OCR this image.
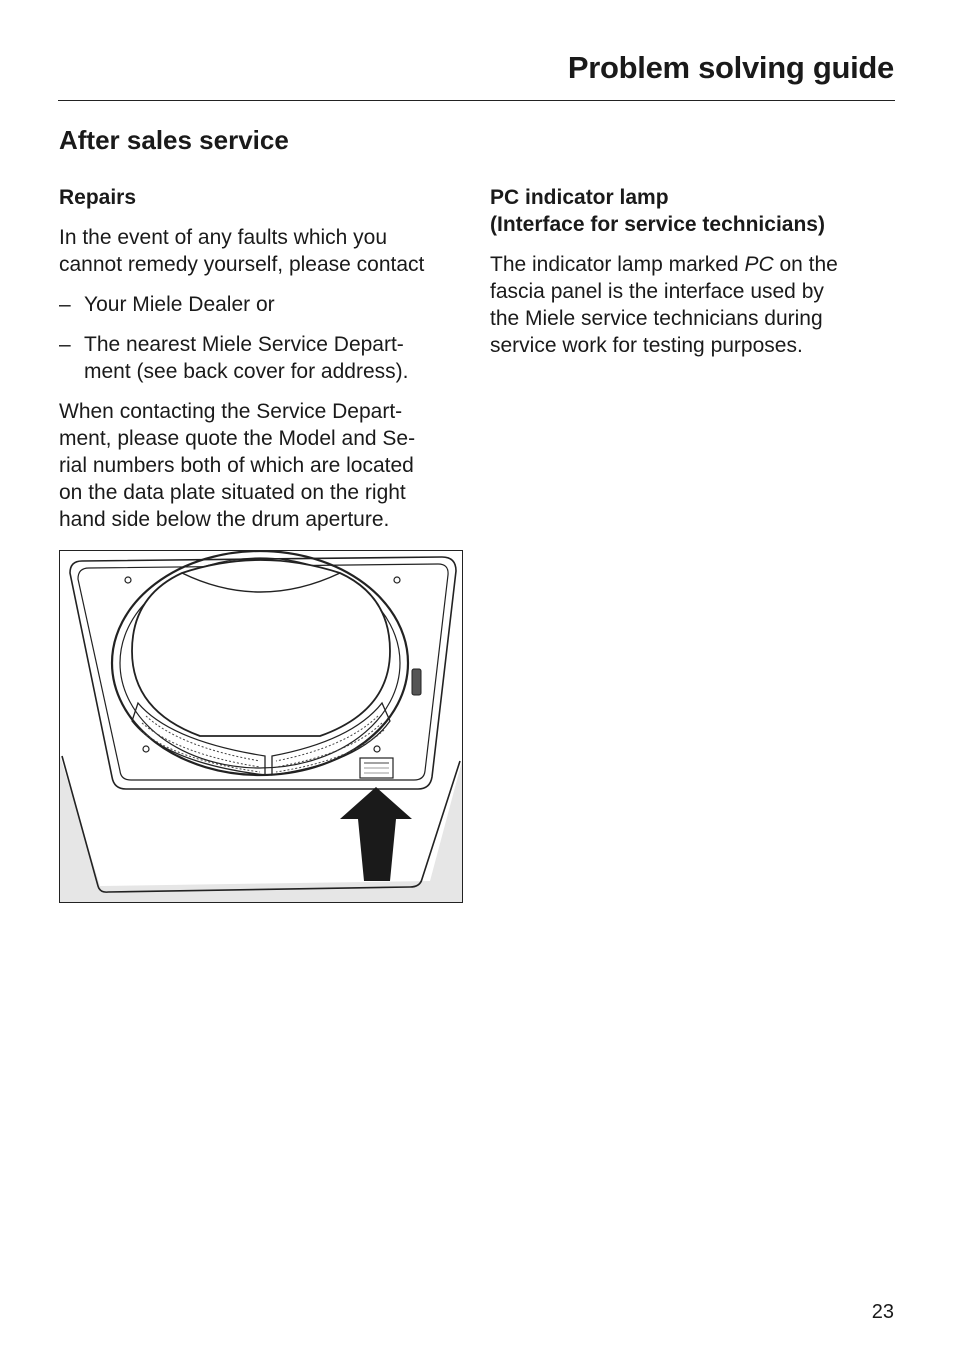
Problem solving guide
After sales service

Repairs

In the event of any faults which you
cannot remedy yourself, please contact

– Your Miele Dealer or
– The nearest Miele Service Depart-
ment (see back cover for address).

When contacting the Service Depart-
ment, please quote the Model and Se-
rial numbers both of which are located
on the data plate situated on the right
hand side below the drum aperture.

PC indicator lamp
(Interface for service technicians)

The indicator lamp marked PC on the
fascia panel is the interface used by
the Miele service technicians during
service work for testing purposes.

23
